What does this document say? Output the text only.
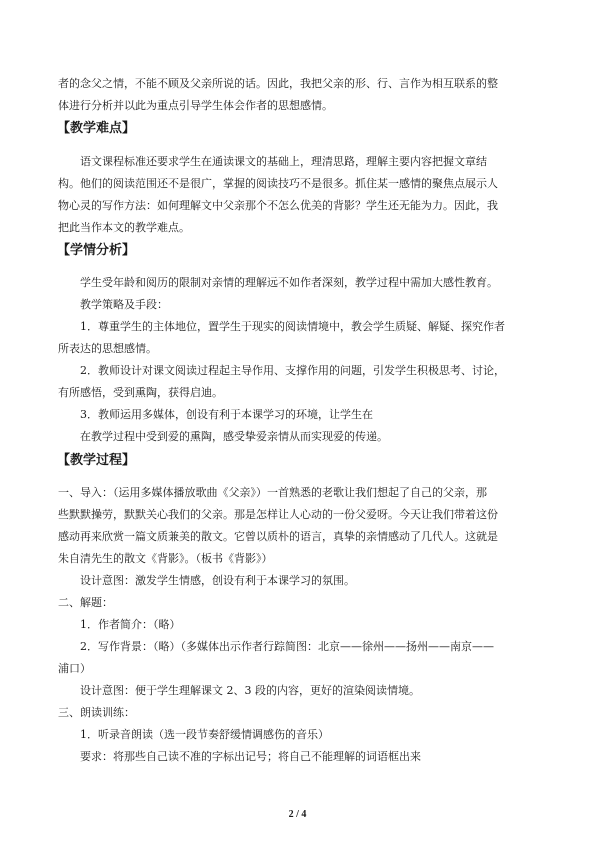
者的念父之情，不能不顾及父亲所说的话。因此，我把父亲的形、行、言作为相互联系的整
体进行分析并以此为重点引导学生体会作者的思想感情。
【教学难点】
语文课程标准还要求学生在通读课文的基础上，理清思路，理解主要内容把握文章结
构。他们的阅读范围还不是很广，掌握的阅读技巧不是很多。抓住某一感情的聚焦点展示人
物心灵的写作方法：如何理解文中父亲那个不怎么优美的背影？学生还无能为力。因此，我
把此当作本文的教学难点。
【学情分析】
学生受年龄和阅历的限制对亲情的理解远不如作者深刻，教学过程中需加大感性教育。
教学策略及手段：
1．尊重学生的主体地位，置学生于现实的阅读情境中，教会学生质疑、解疑、探究作者
所表达的思想感情。
2．教师设计对课文阅读过程起主导作用、支撑作用的问题，引发学生积极思考、讨论，
有所感悟，受到熏陶，获得启迪。
3．教师运用多媒体，创设有利于本课学习的环境，让学生在
在教学过程中受到爱的熏陶，感受挚爱亲情从而实现爱的传递。
【教学过程】
一、导入：（运用多媒体播放歌曲《父亲》）一首熟悉的老歌让我们想起了自己的父亲，那
些默默操劳，默默关心我们的父亲。那是怎样让人心动的一份父爱呀。今天让我们带着这份
感动再来欣赏一篇文质兼美的散文。它曾以质朴的语言，真挚的亲情感动了几代人。这就是
朱自清先生的散文《背影》。（板书《背影》）
设计意图：激发学生情感，创设有利于本课学习的氛围。
二、解题：
1．作者简介：（略）
2．写作背景：（略）（多媒体出示作者行踪简图：北京——徐州——扬州——南京——
浦口）
设计意图：便于学生理解课文 2、3 段的内容，更好的渲染阅读情境。
三、朗读训练：
1．听录音朗读（选一段节奏舒缓情调感伤的音乐）
要求：将那些自己读不准的字标出记号；将自己不能理解的词语框出来
2 / 4
